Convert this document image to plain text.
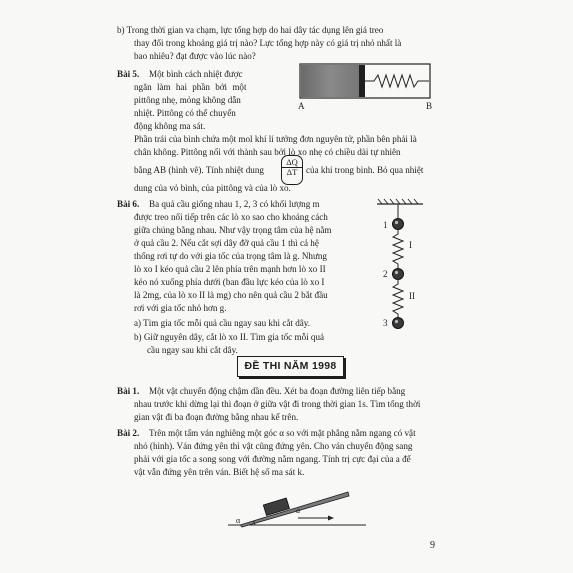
b) Trong thời gian va chạm, lực tổng hợp do hai dây tác dụng lên giá treo
thay đổi trong khoảng giá trị nào? Lực tổng hợp này có giá trị nhỏ nhất là
bao nhiêu? đạt được vào lúc nào?
Bài 5. Một bình cách nhiệt được
ngăn làm hai phần bởi một
pittông nhẹ, mỏng không dẫn
nhiệt. Pittông có thể chuyển
động không ma sát.
Phần trái của bình chứa một mol khí lí tưởng đơn nguyên tử, phần bên phải là
chân không. Pittông nối với thành sau bởi lò xo nhẹ có chiều dài tự nhiên
bằng AB (hình vẽ). Tính nhiệt dung $\frac{\Delta Q}{\Delta T}$ của khí trong bình. Bỏ qua nhiệt
dung của vỏ bình, của pittông và của lò xo.
A	B
Bài 6. Ba quả cầu giống nhau 1, 2, 3 có khối lượng m
được treo nối tiếp trên các lò xo sao cho khoảng cách
giữa chúng bằng nhau. Như vậy trọng tâm của hệ nằm
ở quả cầu 2. Nếu cắt sợi dây đỡ quả cầu 1 thì cả hệ
thống rơi tự do với gia tốc của trọng tâm là g. Nhưng
lò xo I kéo quả cầu 2 lên phía trên mạnh hơn lò xo II
kéo nó xuống phía dưới (ban đầu lực kéo của lò xo I
là 2mg, của lò xo II là mg) cho nên quả cầu 2 bắt đầu
rơi với gia tốc nhỏ hơn g.
a) Tìm gia tốc mỗi quả cầu ngay sau khi cắt dây.
b) Giữ nguyên dây, cắt lò xo II. Tìm gia tốc mỗi quả
cầu ngay sau khi cắt dây.
1
I
2
II
3
ĐỀ THI NĂM 1998
Bài 1. Một vật chuyển động chậm dần đều. Xét ba đoạn đường liên tiếp bằng
nhau trước khi dừng lại thì đoạn ở giữa vật đi trong thời gian 1s. Tìm tổng thời
gian vật đi ba đoạn đường bằng nhau kể trên.
Bài 2. Trên một tấm ván nghiêng một góc α so với mặt phẳng nằm ngang có vật
nhỏ (hình). Ván đứng yên thì vật cũng đứng yên. Cho ván chuyển động sang
phải với gia tốc a song song với đường nằm ngang. Tính trị cực đại của a để
vật vẫn đứng yên trên ván. Biết hệ số ma sát k.
α
a
9
